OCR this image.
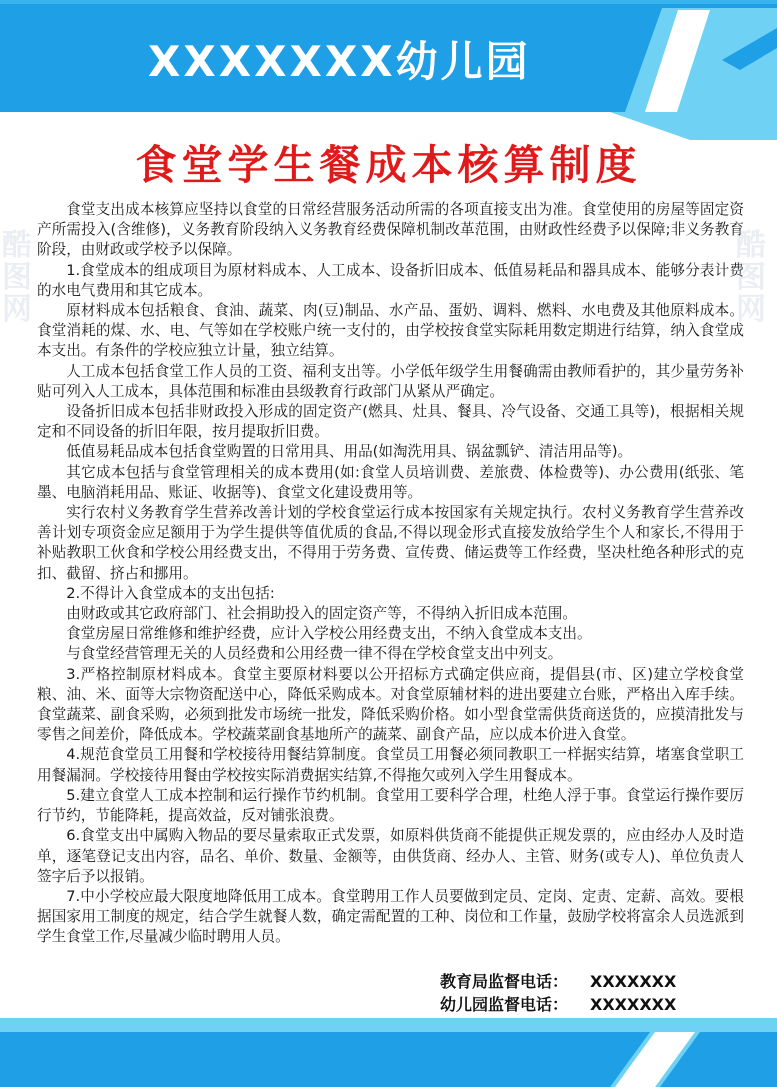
XXXXXXX幼儿园
食堂学生餐成本核算制度

食堂支出成本核算应坚持以食堂的日常经营服务活动所需的各项直接支出为准。食堂使用的房屋等固定资产所需投入(含维修)，义务教育阶段纳入义务教育经费保障机制改革范围，由财政性经费予以保障;非义务教育阶段，由财政或学校予以保障。

1.食堂成本的组成项目为原材料成本、人工成本、设备折旧成本、低值易耗品和器具成本、能够分表计费的水电气费用和其它成本。

原材料成本包括粮食、食油、蔬菜、肉(豆)制品、水产品、蛋奶、调料、燃料、水电费及其他原料成本。食堂消耗的煤、水、电、气等如在学校账户统一支付的，由学校按食堂实际耗用数定期进行结算，纳入食堂成本支出。有条件的学校应独立计量，独立结算。

人工成本包括食堂工作人员的工资、福利支出等。小学低年级学生用餐确需由教师看护的，其少量劳务补贴可列入人工成本，具体范围和标准由县级教育行政部门从紧从严确定。

设备折旧成本包括非财政投入形成的固定资产(燃具、灶具、餐具、冷气设备、交通工具等)，根据相关规定和不同设备的折旧年限，按月提取折旧费。

低值易耗品成本包括食堂购置的日常用具、用品(如淘洗用具、锅盆瓢铲、清洁用品等)。

其它成本包括与食堂管理相关的成本费用(如:食堂人员培训费、差旅费、体检费等)、办公费用(纸张、笔墨、电脑消耗用品、账证、收据等)、食堂文化建设费用等。

实行农村义务教育学生营养改善计划的学校食堂运行成本按国家有关规定执行。农村义务教育学生营养改善计划专项资金应足额用于为学生提供等值优质的食品,不得以现金形式直接发放给学生个人和家长,不得用于补贴教职工伙食和学校公用经费支出，不得用于劳务费、宣传费、储运费等工作经费，坚决杜绝各种形式的克扣、截留、挤占和挪用。

2.不得计入食堂成本的支出包括:

由财政或其它政府部门、社会捐助投入的固定资产等，不得纳入折旧成本范围。

食堂房屋日常维修和维护经费，应计入学校公用经费支出，不纳入食堂成本支出。

与食堂经营管理无关的人员经费和公用经费一律不得在学校食堂支出中列支。

3.严格控制原材料成本。食堂主要原材料要以公开招标方式确定供应商，提倡县(市、区)建立学校食堂粮、油、米、面等大宗物资配送中心，降低采购成本。对食堂原辅材料的进出要建立台账，严格出入库手续。食堂蔬菜、副食采购，必须到批发市场统一批发，降低采购价格。如小型食堂需供货商送货的，应摸清批发与零售之间差价，降低成本。学校蔬菜副食基地所产的蔬菜、副食产品，应以成本价进入食堂。

4.规范食堂员工用餐和学校接待用餐结算制度。食堂员工用餐必须同教职工一样据实结算，堵塞食堂职工用餐漏洞。学校接待用餐由学校按实际消费据实结算,不得拖欠或列入学生用餐成本。

5.建立食堂人工成本控制和运行操作节约机制。食堂用工要科学合理，杜绝人浮于事。食堂运行操作要厉行节约，节能降耗，提高效益，反对铺张浪费。

6.食堂支出中属购入物品的要尽量索取正式发票，如原料供货商不能提供正规发票的，应由经办人及时造单，逐笔登记支出内容，品名、单价、数量、金额等，由供货商、经办人、主管、财务(或专人)、单位负责人签字后予以报销。

7.中小学校应最大限度地降低用工成本。食堂聘用工作人员要做到定员、定岗、定责、定薪、高效。要根据国家用工制度的规定，结合学生就餐人数，确定需配置的工种、岗位和工作量，鼓励学校将富余人员选派到学生食堂工作,尽量减少临时聘用人员。

教育局监督电话： XXXXXXX
幼儿园监督电话： XXXXXXX
酷图网
酷图网
